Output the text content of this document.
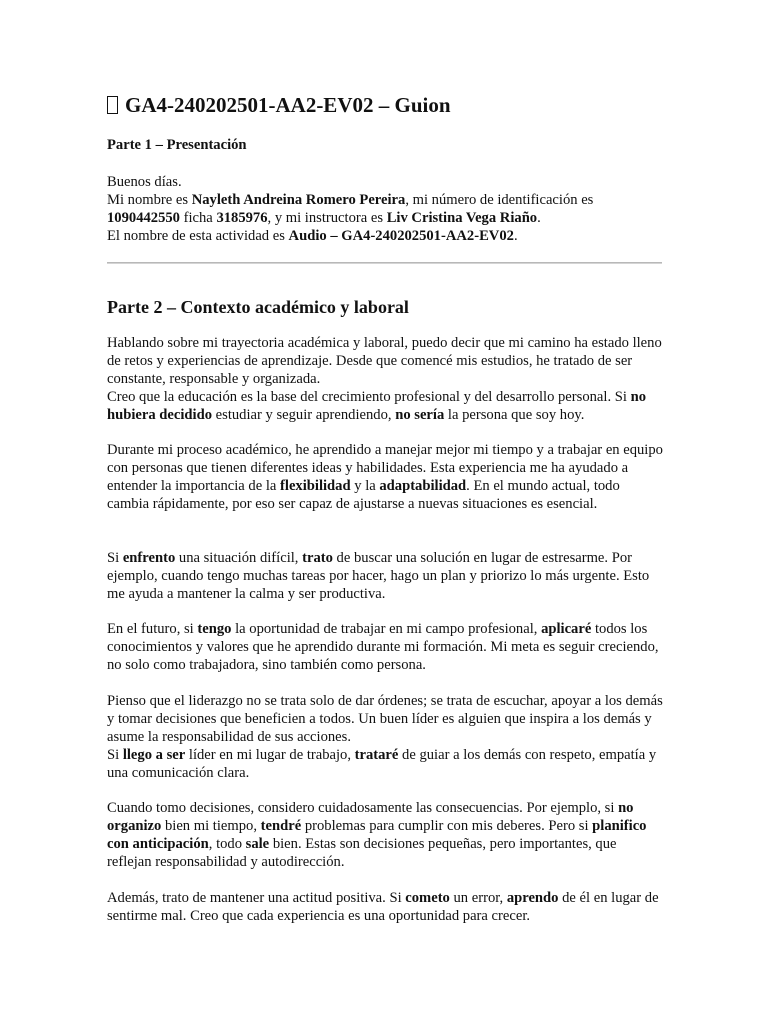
GA4-240202501-AA2-EV02 – Guion
Parte 1 – Presentación

Buenos días.

Mi nombre es Nayleth Andreina Romero Pereira, mi número de identificación es

1090442550 ficha 3185976, y mi instructora es Liv Cristina Vega Riaño.

El nombre de esta actividad es Audio – GA4-240202501-AA2-EV02.

Parte 2 – Contexto académico y laboral

Hablando sobre mi trayectoria académica y laboral, puedo decir que mi camino ha estado lleno de retos y experiencias de aprendizaje. Desde que comencé mis estudios, he tratado de ser constante, responsable y organizada.

Creo que la educación es la base del crecimiento profesional y del desarrollo personal. Si no hubiera decidido estudiar y seguir aprendiendo, no sería la persona que soy hoy.

Durante mi proceso académico, he aprendido a manejar mejor mi tiempo y a trabajar en equipo con personas que tienen diferentes ideas y habilidades. Esta experiencia me ha ayudado a entender la importancia de la flexibilidad y la adaptabilidad. En el mundo actual, todo cambia rápidamente, por eso ser capaz de ajustarse a nuevas situaciones es esencial.

Si enfrento una situación difícil, trato de buscar una solución en lugar de estresarme. Por ejemplo, cuando tengo muchas tareas por hacer, hago un plan y priorizo lo más urgente. Esto me ayuda a mantener la calma y ser productiva.

En el futuro, si tengo la oportunidad de trabajar en mi campo profesional, aplicaré todos los conocimientos y valores que he aprendido durante mi formación. Mi meta es seguir creciendo, no solo como trabajadora, sino también como persona.

Pienso que el liderazgo no se trata solo de dar órdenes; se trata de escuchar, apoyar a los demás y tomar decisiones que beneficien a todos. Un buen líder es alguien que inspira a los demás y asume la responsabilidad de sus acciones.

Si llego a ser líder en mi lugar de trabajo, trataré de guiar a los demás con respeto, empatía y una comunicación clara.

Cuando tomo decisiones, considero cuidadosamente las consecuencias. Por ejemplo, si no organizo bien mi tiempo, tendré problemas para cumplir con mis deberes. Pero si planifico con anticipación, todo sale bien. Estas son decisiones pequeñas, pero importantes, que reflejan responsabilidad y autodirección.

Además, trato de mantener una actitud positiva. Si cometo un error, aprendo de él en lugar de sentirme mal. Creo que cada experiencia es una oportunidad para crecer.
